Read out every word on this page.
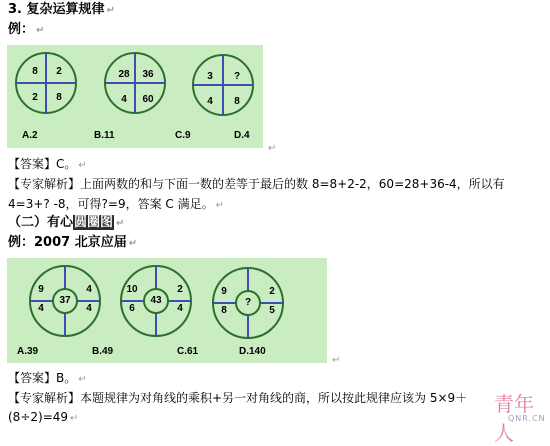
3. 复杂运算规律 ↵
例： ↵
8	2
2	8
28	36
4	60
3	?
4	8
A.2	B.11	C.9	D.4
↵
【答案】C。 ↵
【专家解析】上面两数的和与下面一数的差等于最后的数 8=8+2-2，60=28+36-4，所以有
4=3+? -8，可得?=9，答案 C 满足。 ↵
（二）有心圆圈图 ↵
例：2007 北京应届 ↵
37
9
4
4
4
43
10
6
2
4
?
9
8
2
5
A.39	B.49	C.61	D.140
↵
【答案】B。 ↵
【专家解析】本题规律为对角线的乘积+另一对角线的商，所以按此规律应该为 5×9＋
(8÷2)=49 ↵
青年人
QNR.CN
